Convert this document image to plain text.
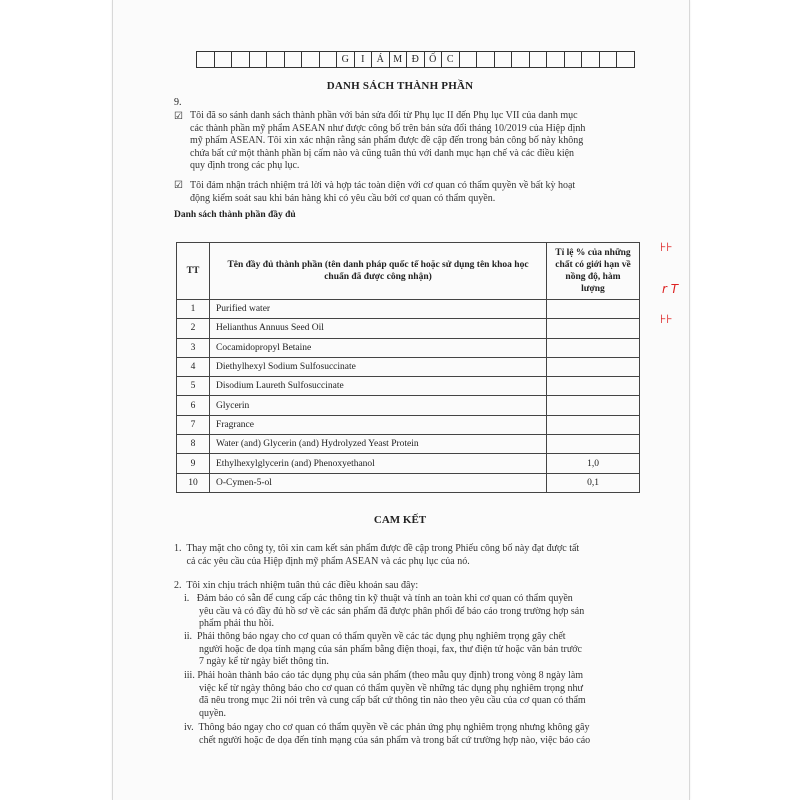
G	I	Á M Đ	Ố	C
DANH SÁCH THÀNH PHẦN
9.
☑ Tôi đã so sánh danh sách thành phần với bản sửa đổi từ Phụ lục II đến Phụ lục VII của danh mục
các thành phần mỹ phẩm ASEAN như được công bố trên bản sửa đổi tháng 10/2019 của Hiệp định
mỹ phẩm ASEAN. Tôi xin xác nhận rằng sản phẩm được đề cập đến trong bản công bố này không
chứa bất cứ một thành phần bị cấm nào và cũng tuân thủ với danh mục hạn chế và các điều kiện
quy định trong các phụ lục.
☑ Tôi đảm nhận trách nhiệm trả lời và hợp tác toàn diện với cơ quan có thẩm quyền về bất kỳ hoạt
động kiểm soát sau khi bán hàng khi có yêu cầu bởi cơ quan có thẩm quyền.
Danh sách thành phần đầy đủ
TT	Tên đầy đủ thành phần (tên danh pháp quốc tế hoặc sử dụng tên khoa học chuẩn đã được công nhận)	Tỉ lệ % của những chất có giới hạn về nồng độ, hàm lượng
1	Purified water	
2	Helianthus Annuus Seed Oil	
3	Cocamidopropyl Betaine	
4	Diethylhexyl Sodium Sulfosuccinate	
5	Disodium Laureth Sulfosuccinate	
6	Glycerin	
7	Fragrance	
8	Water (and) Glycerin (and) Hydrolyzed Yeast Protein	
9	Ethylhexylglycerin (and) Phenoxyethanol	1,0
10	O-Cymen-5-ol	0,1
CAM KẾT
1.  Thay mặt cho công ty, tôi xin cam kết sản phẩm được đề cập trong Phiếu công bố này đạt được tất
cả các yêu cầu của Hiệp định mỹ phẩm ASEAN và các phụ lục của nó.
2.  Tôi xin chịu trách nhiệm tuân thủ các điều khoản sau đây:
i.   Đảm bảo có sẵn để cung cấp các thông tin kỹ thuật và tính an toàn khi cơ quan có thẩm quyền
yêu cầu và có đầy đủ hồ sơ về các sản phẩm đã được phân phối để báo cáo trong trường hợp sản
phẩm phải thu hồi.
ii.  Phải thông báo ngay cho cơ quan có thẩm quyền về các tác dụng phụ nghiêm trọng gây chết
người hoặc đe dọa tính mạng của sản phẩm bằng điện thoại, fax, thư điện tử hoặc văn bản trước
7 ngày kể từ ngày biết thông tin.
iii. Phải hoàn thành báo cáo tác dụng phụ của sản phẩm (theo mẫu quy định) trong vòng 8 ngày làm
việc kể từ ngày thông báo cho cơ quan có thẩm quyền về những tác dụng phụ nghiêm trọng như
đã nêu trong mục 2ii nói trên và cung cấp bất cứ thông tin nào theo yêu cầu của cơ quan có thẩm
quyền.
iv.  Thông báo ngay cho cơ quan có thẩm quyền về các phản ứng phụ nghiêm trọng nhưng không gây
chết người hoặc đe dọa đến tính mạng của sản phẩm và trong bất cứ trường hợp nào, việc báo cáo
⊦⊦
r T
⊦⊦
